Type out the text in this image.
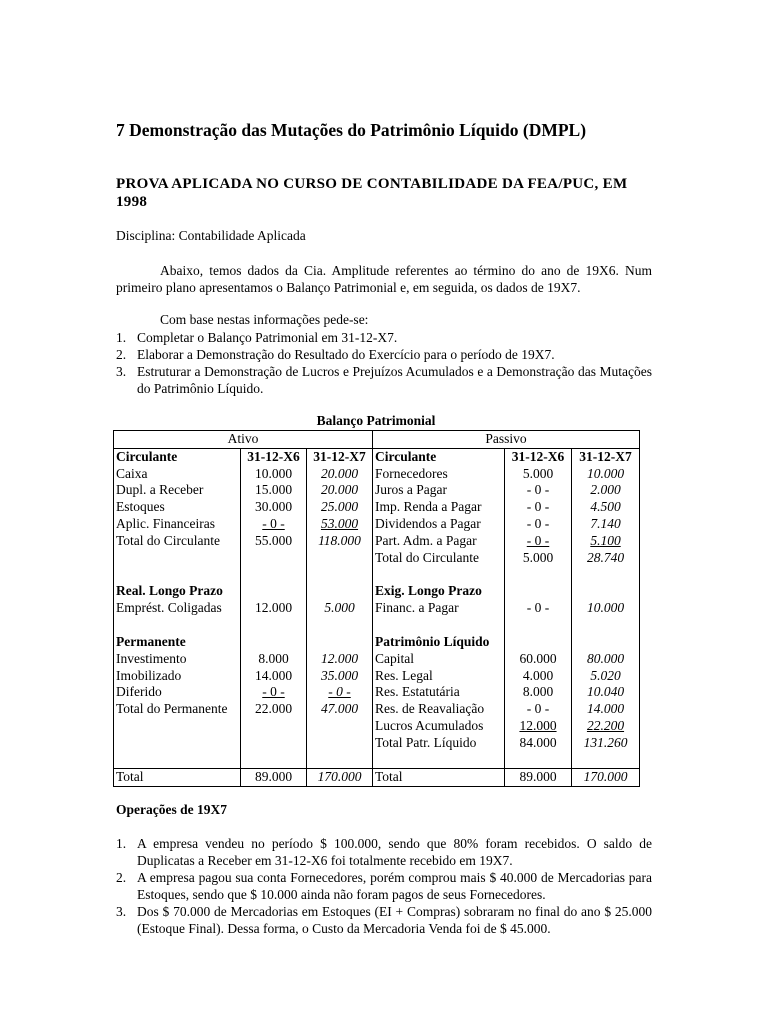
7 Demonstração das Mutações do Patrimônio Líquido (DMPL)
PROVA APLICADA NO CURSO DE CONTABILIDADE DA FEA/PUC, EM
1998
Disciplina: Contabilidade Aplicada
Abaixo, temos dados da Cia. Amplitude referentes ao término do ano de 19X6. Num primeiro plano apresentamos o Balanço Patrimonial e, em seguida, os dados de 19X7.
Com base nestas informações pede-se:
1. Completar o Balanço Patrimonial em 31-12-X7.
2. Elaborar a Demonstração do Resultado do Exercício para o período de 19X7.
3. Estruturar a Demonstração de Lucros e Prejuízos Acumulados e a Demonstração das Mutações do Patrimônio Líquido.
Balanço Patrimonial
Ativo			Passivo		
Circulante	31-12-X6	31-12-X7	Circulante	31-12-X6	31-12-X7
Caixa	10.000	20.000	Fornecedores	5.000	10.000
Dupl. a Receber	15.000	20.000	Juros a Pagar	- 0 -	2.000
Estoques	30.000	25.000	Imp. Renda a Pagar	- 0 -	4.500
Aplic. Financeiras	- 0 -	53.000	Dividendos a Pagar	- 0 -	7.140
Total do Circulante	55.000	118.000	Part. Adm. a Pagar	- 0 -	5.100
			Total do Circulante	5.000	28.740

Real. Longo Prazo			Exig. Longo Prazo		
Emprést. Coligadas	12.000	5.000	Financ. a Pagar	- 0 -	10.000

Permanente			Patrimônio Líquido		
Investimento	8.000	12.000	Capital	60.000	80.000
Imobilizado	14.000	35.000	Res. Legal	4.000	5.020
Diferido	- 0 -	- 0 -	Res. Estatutária	8.000	10.040
Total do Permanente	22.000	47.000	Res. de Reavaliação	- 0 -	14.000
			Lucros Acumulados	12.000	22.200
			Total Patr. Líquido	84.000	131.260

Total	89.000	170.000	Total	89.000	170.000
Operações de 19X7
1. A empresa vendeu no período $ 100.000, sendo que 80% foram recebidos. O saldo de Duplicatas a Receber em 31-12-X6 foi totalmente recebido em 19X7.
2. A empresa pagou sua conta Fornecedores, porém comprou mais $ 40.000 de Mercadorias para Estoques, sendo que $ 10.000 ainda não foram pagos de seus Fornecedores.
3. Dos $ 70.000 de Mercadorias em Estoques (EI + Compras) sobraram no final do ano $ 25.000 (Estoque Final). Dessa forma, o Custo da Mercadoria Venda foi de $ 45.000.
